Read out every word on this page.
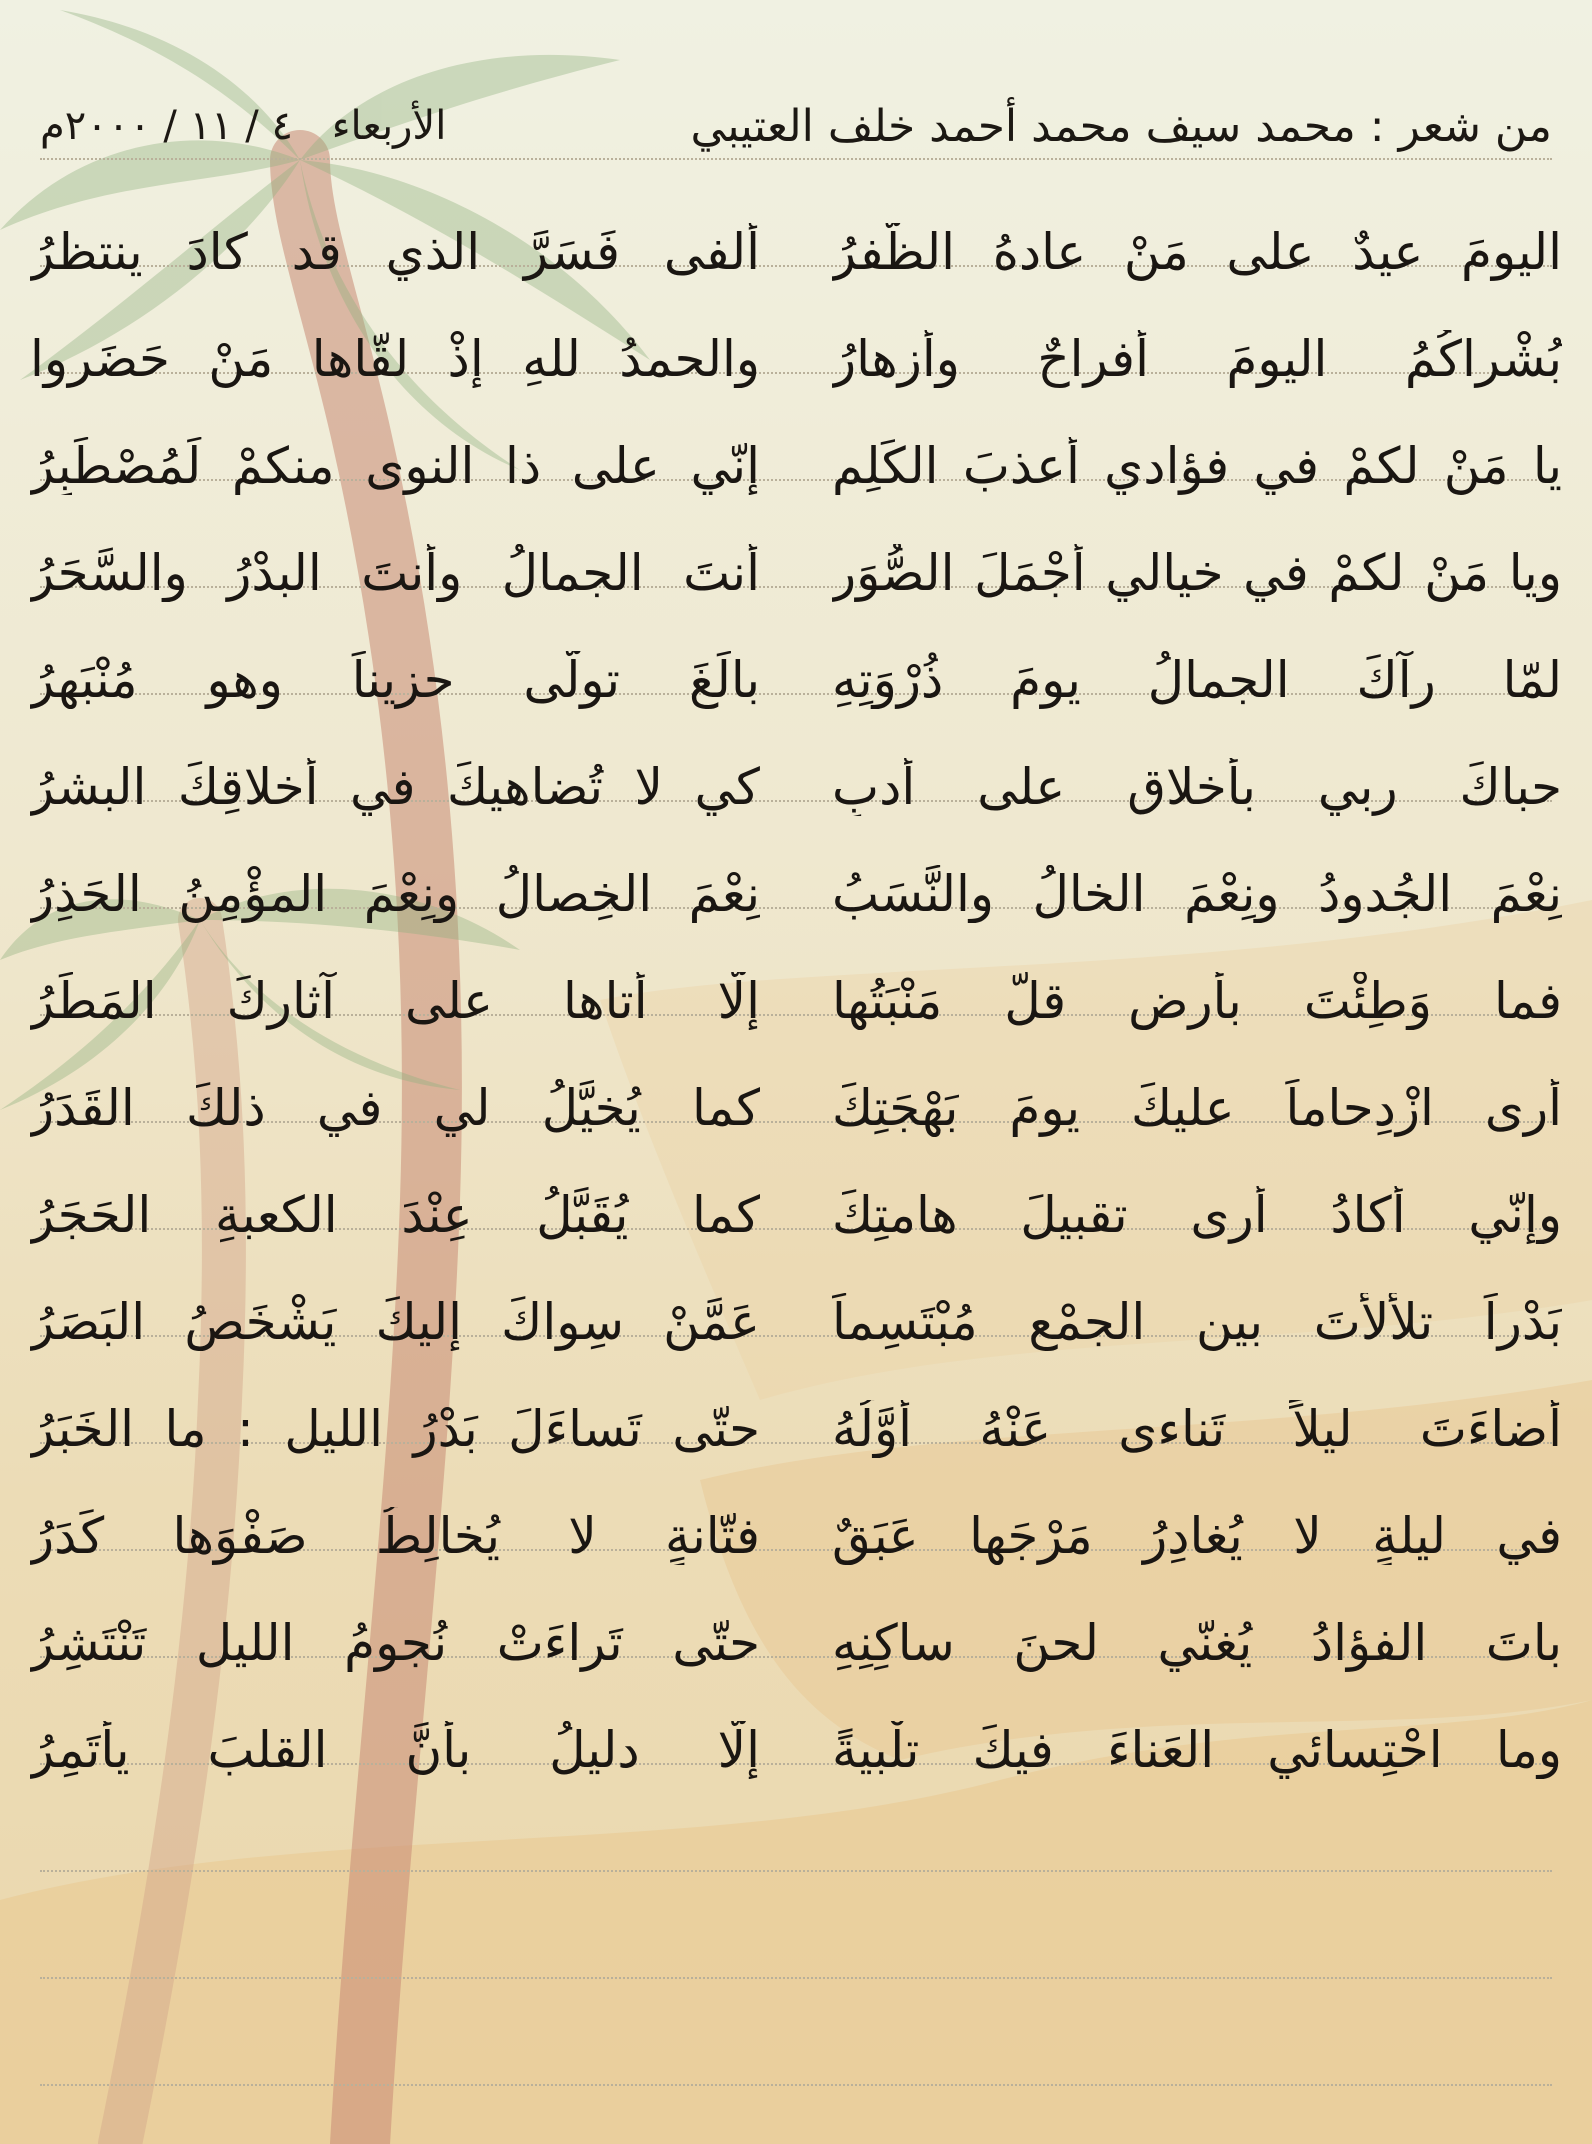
الأربعاء ٤ / ١١ / ٢٠٠٠م	من شعر : محمد سيف محمد أحمد خلف العتيبي
اليومَ عيدٌ على مَنْ عادهُ الظَّفرُ
ألفى فَسَرَّ الذي قد كادَ ينتظرُ
بُشْراكُمُ اليومَ أفراحٌ وأزهارُ
والحمدُ للهِ إذْ لقّاها مَنْ حَضَروا
يا مَنْ لكمْ في فؤادي أعذبَ الكَلِمِ
إنّي على ذا النوى منكمْ لَمُصْطَبِرُ
ويا مَنْ لكمْ في خيالي أجْمَلَ الصُّوَرِ
أنتَ الجمالُ وأنتَ البدْرُ والسَّحَرُ
لمّا رآكَ الجمالُ يومَ ذُرْوَتِهِ
بالَغَ تولّى حزيناً وهو مُنْبَهِرُ
حباكَ ربي بأخلاقٍ على أدبٍ
كي لا تُضاهيكَ في أخلاقِكَ البشرُ
نِعْمَ الجُدودُ ونِعْمَ الخالُ والنَّسَبُ
نِعْمَ الخِصالُ ونِعْمَ المؤْمِنُ الحَذِرُ
فما وَطِئْتَ بأرضٍ قلَّ مَنْبَتُها
إلّا أتاها على آثارِكَ المَطَرُ
أرى ازْدِحاماً عليكَ يومَ بَهْجَتِكَ
كما يُخيَّلُ لي في ذلكَ القَدَرُ
وإنّي أكادُ أرى تقبيلَ هامتِكَ
كما يُقَبَّلُ عِنْدَ الكعبةِ الحَجَرُ
بَدْراً تلألأْتَ بين الجمْعِ مُبْتَسِماً
عَمَّنْ سِواكَ إليكَ يَشْخَصُ البَصَرُ
أضاءَتَ ليلاً تَناءى عَنْهُ أوَّلُهُ
حتّى تَساءَلَ بَدْرُ الليلِ : ما الخَبَرُ
في ليلةٍ لا يُغادِرُ مَرْجَها عَبَقٌ
فتّانةٍ لا يُخالِطُ صَفْوَها كَدَرُ
باتَ الفؤادُ يُغنّي لحنَ ساكِنِهِ
حتّى تَراءَتْ نُجومُ الليلِ تَنْتَشِرُ
وما احْتِسائي العَناءَ فيكَ تلْبيةً
إلّا دليلُ بأنَّ القلبَ يأتَمِرُ
